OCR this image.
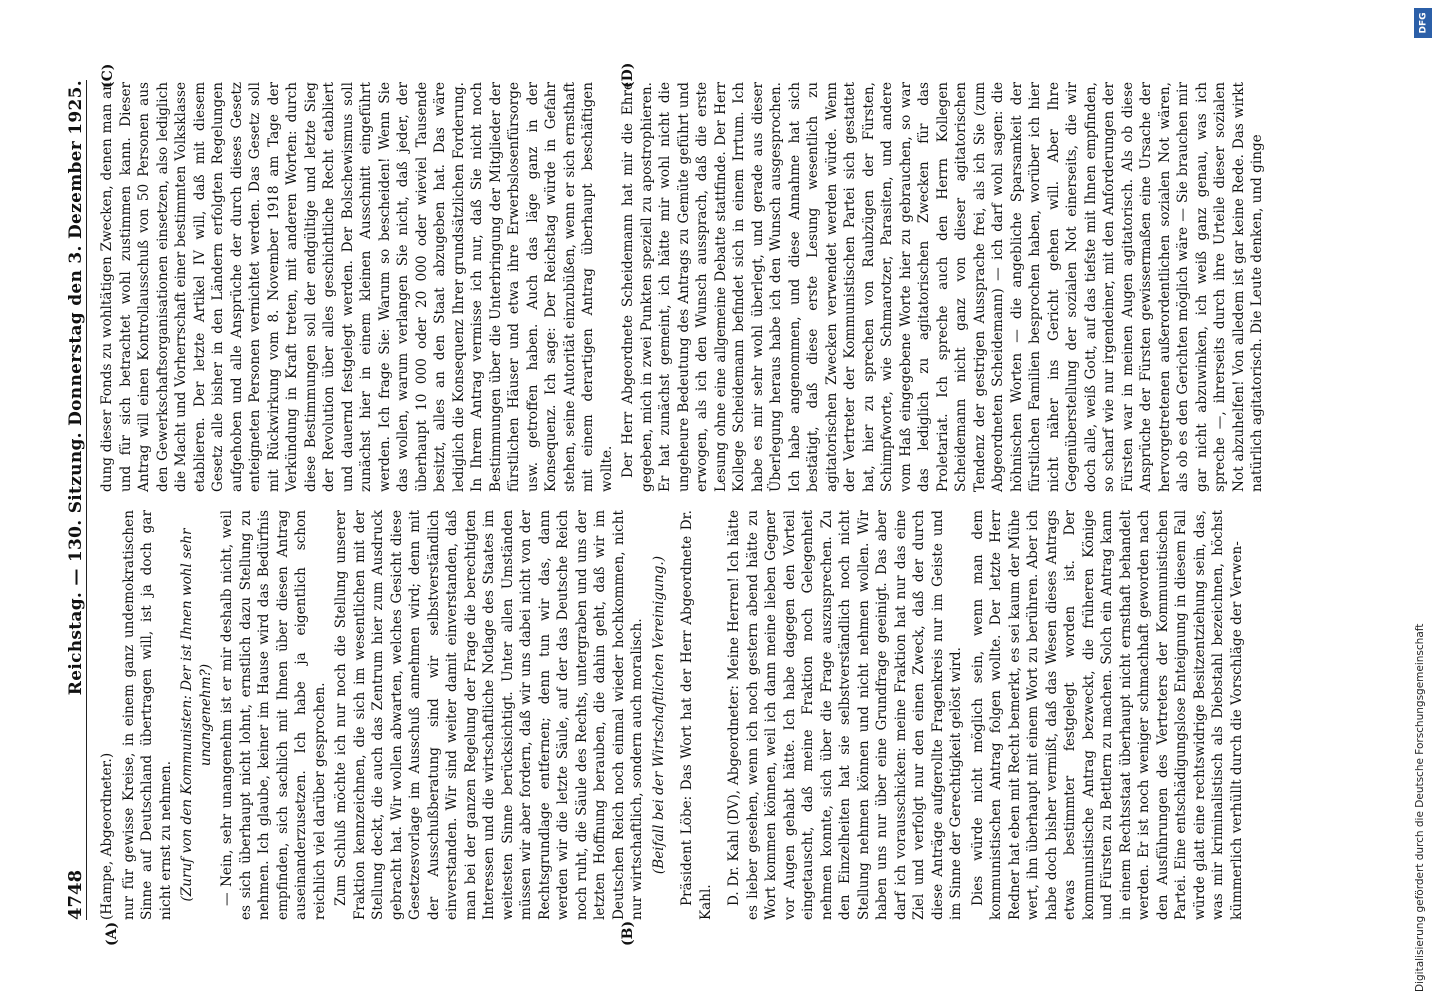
4748
Reichstag. — 130. Sitzung. Donnerstag den 3. Dezember 1925.
(A)	(B)
(C)	(D)

(Hampe, Abgeordneter.) nur für gewisse Kreise, in einem ganz undemokratischen Sinne auf Deutschland übertragen will, ist ja doch gar nicht ernst zu nehmen. (Zuruf von den Kommunisten: Der ist Ihnen wohl sehr unangenehm?) — Nein, sehr unangenehm ist er mir deshalb nicht, weil es sich überhaupt nicht lohnt, ernstlich dazu Stellung zu nehmen. Ich glaube, keiner im Hause wird das Bedürfnis empfinden, sich sachlich mit Ihnen über diesen Antrag auseinanderzusetzen. Ich habe ja eigentlich schon reichlich viel darüber gesprochen. Zum Schluß möchte ich nur noch die Stellung unserer Fraktion kennzeichnen, die sich im wesentlichen mit der Stellung deckt, die auch das Zentrum hier zum Ausdruck gebracht hat. Wir wollen abwarten, welches Gesicht diese Gesetzesvorlage im Ausschuß annehmen wird; denn mit der Ausschußberatung sind wir selbstverständlich einverstanden. Wir sind weiter damit einverstanden, daß man bei der ganzen Regelung der Frage die berechtigten Interessen und die wirtschaftliche Notlage des Staates im weitesten Sinne berücksichtigt. Unter allen Umständen müssen wir aber fordern, daß wir uns dabei nicht von der Rechtsgrundlage entfernen; denn tun wir das, dann werden wir die letzte Säule, auf der das Deutsche Reich noch ruht, die Säule des Rechts, untergraben und uns der letzten Hoffnung berauben, die dahin geht, daß wir im Deutschen Reich noch einmal wieder hochkommen, nicht nur wirtschaftlich, sondern auch moralisch. (Beifall bei der Wirtschaftlichen Vereinigung.) Präsident Löbe: Das Wort hat der Herr Abgeordnete Dr. Kahl. D. Dr. Kahl (DV), Abgeordneter: Meine Herren! Ich hätte es lieber gesehen, wenn ich noch gestern abend hätte zu Wort kommen können, weil ich dann meine lieben Gegner vor Augen gehabt hätte. Ich habe dagegen den Vorteil eingetauscht, daß meine Fraktion noch Gelegenheit nehmen konnte, sich über die Frage auszusprechen. Zu den Einzelheiten hat sie selbstverständlich noch nicht Stellung nehmen können und nicht nehmen wollen. Wir haben uns nur über eine Grundfrage geeinigt. Das aber darf ich vorausschicken: meine Fraktion hat nur das eine Ziel und verfolgt nur den einen Zweck, daß der durch diese Anträge aufgerollte Fragenkreis nur im Geiste und im Sinne der Gerechtigkeit gelöst wird. Dies würde nicht möglich sein, wenn man dem kommunistischen Antrag folgen wollte. Der letzte Herr Redner hat eben mit Recht bemerkt, es sei kaum der Mühe wert, ihn überhaupt mit einem Wort zu berühren. Aber ich habe doch bisher vermißt, daß das Wesen dieses Antrags etwas bestimmter festgelegt worden ist. Der kommunistische Antrag bezweckt, die früheren Könige und Fürsten zu Bettlern zu machen. Solch ein Antrag kann in einem Rechtsstaat überhaupt nicht ernsthaft behandelt werden. Er ist noch weniger schmachhaft geworden nach den Ausführungen des Vertreters der Kommunistischen Partei. Eine entschädigungslose Enteignung in diesem Fall würde glatt eine rechtswidrige Besitzentziehung sein, das, was mir kriminalistisch als Diebstahl bezeichnen, höchst kümmerlich verhüllt durch die Vorschläge der Verwen-

dung dieser Fonds zu wohltätigen Zwecken, denen man an und für sich betrachtet wohl zustimmen kann. Dieser Antrag will einen Kontrollausschuß von 50 Personen aus den Gewerkschaftsorganisationen einsetzen, also lediglich die Macht und Vorherrschaft einer bestimmten Volksklasse etablieren. Der letzte Artikel IV will, daß mit diesem Gesetz alle bisher in den Ländern erfolgten Regelungen aufgehoben und alle Ansprüche der durch dieses Gesetz enteigneten Personen vernichtet werden. Das Gesetz soll mit Rückwirkung vom 8. November 1918 am Tage der Verkündung in Kraft treten, mit anderen Worten: durch diese Bestimmungen soll der endgültige und letzte Sieg der Revolution über alles geschichtliche Recht etabliert und dauernd festgelegt werden. Der Bolschewismus soll zunächst hier in einem kleinen Ausschnitt eingeführt werden. Ich frage Sie: Warum so bescheiden! Wenn Sie das wollen, warum verlangen Sie nicht, daß jeder, der überhaupt 10 000 oder 20 000 oder wieviel Tausende besitzt, alles an den Staat abzugeben hat. Das wäre lediglich die Konsequenz Ihrer grundsätzlichen Forderung. In Ihrem Antrag vermisse ich nur, daß Sie nicht noch Bestimmungen über die Unterbringung der Mitglieder der fürstlichen Häuser und etwa ihre Erwerbslosenfürsorge usw. getroffen haben. Auch das läge ganz in der Konsequenz. Ich sage: Der Reichstag würde in Gefahr stehen, seine Autorität einzubüßen, wenn er sich ernsthaft mit einem derartigen Antrag überhaupt beschäftigen wollte. Der Herr Abgeordnete Scheidemann hat mir die Ehre gegeben, mich in zwei Punkten speziell zu apostrophieren. Er hat zunächst gemeint, ich hätte mir wohl nicht die ungeheure Bedeutung des Antrags zu Gemüte geführt und erwogen, als ich den Wunsch aussprach, daß die erste Lesung ohne eine allgemeine Debatte stattfinde. Der Herr Kollege Scheidemann befindet sich in einem Irrtum. Ich habe es mir sehr wohl überlegt, und gerade aus dieser Überlegung heraus habe ich den Wunsch ausgesprochen. Ich habe angenommen, und diese Annahme hat sich bestätigt, daß diese erste Lesung wesentlich zu agitatorischen Zwecken verwendet werden würde. Wenn der Vertreter der Kommunistischen Partei sich gestattet hat, hier zu sprechen von Raubzügen der Fürsten, Schimpfworte, wie Schmarotzer, Parasiten, und andere vom Haß eingegebene Worte hier zu gebrauchen, so war das lediglich zu agitatorischen Zwecken für das Proletariat. Ich spreche auch den Herrn Kollegen Scheidemann nicht ganz von dieser agitatorischen Tendenz der gestrigen Aussprache frei, als ich Sie (zum Abgeordneten Scheidemann) — ich darf wohl sagen: die höhnischen Worten — die angebliche Sparsamkeit der fürstlichen Familien besprochen haben, worüber ich hier nicht näher ins Gericht gehen will. Aber Ihre Gegenüberstellung der sozialen Not einerseits, die wir doch alle, weiß Gott, auf das tiefste mit Ihnen empfinden, so scharf wie nur irgendeiner, mit den Anforderungen der Fürsten war in meinen Augen agitatorisch. Als ob diese Ansprüche der Fürsten gewissermaßen eine Ursache der hervorgetretenen außerordentlichen sozialen Not wären, als ob es den Gerichten möglich wäre — Sie brauchen mir gar nicht abzuwinken, ich weiß ganz genau, was ich spreche —, ihrerseits durch ihre Urteile dieser sozialen Not abzuhelfen! Von alledem ist gar keine Rede. Das wirkt natürlich agitatorisch. Die Leute denken, und ginge

Digitalisierung gefördert durch die Deutsche Forschungsgemeinschaft
DFG
